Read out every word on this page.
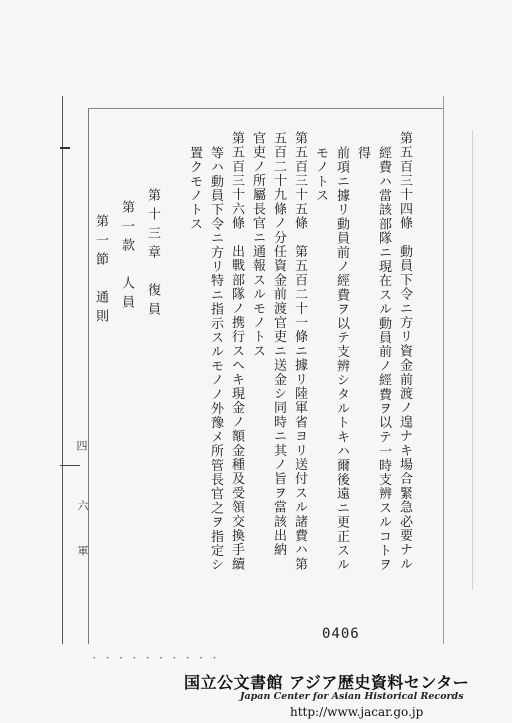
四
六
軍	第五百三十四條　動員下令ニ方リ資金前渡ノ遑ナキ場合緊急必要ナル
經費ハ當該部隊ニ現在スル動員前ノ經費ヲ以テ一時支辨スルコトヲ
得
前項ニ據リ動員前ノ經費ヲ以テ支辨シタルトキハ爾後遠ニ更正スル
モノトス
第五百三十五條　第五百二十一條ニ據リ陸軍省ヨリ送付スル諸費ハ第
五百二十九條ノ分任資金前渡官吏ニ送金シ同時ニ其ノ旨ヲ當該出納
官吏ノ所屬長官ニ通報スルモノトス
第五百三十六條　出戰部隊ノ携行スヘキ現金ノ額金種及受領交換手續
等ハ動員下令ニ方リ特ニ指示スルモノノ外豫メ所管長官之ヲ指定シ
置クモノトス
第十三章　復員
第一款　人員
第一節　通則
0406
･ ･ ･ ･ ･ ･ ･ ･ ･ ･
国立公文書館 アジア歴史資料センター
Japan Center for Asian Historical Records
http://www.jacar.go.jp
